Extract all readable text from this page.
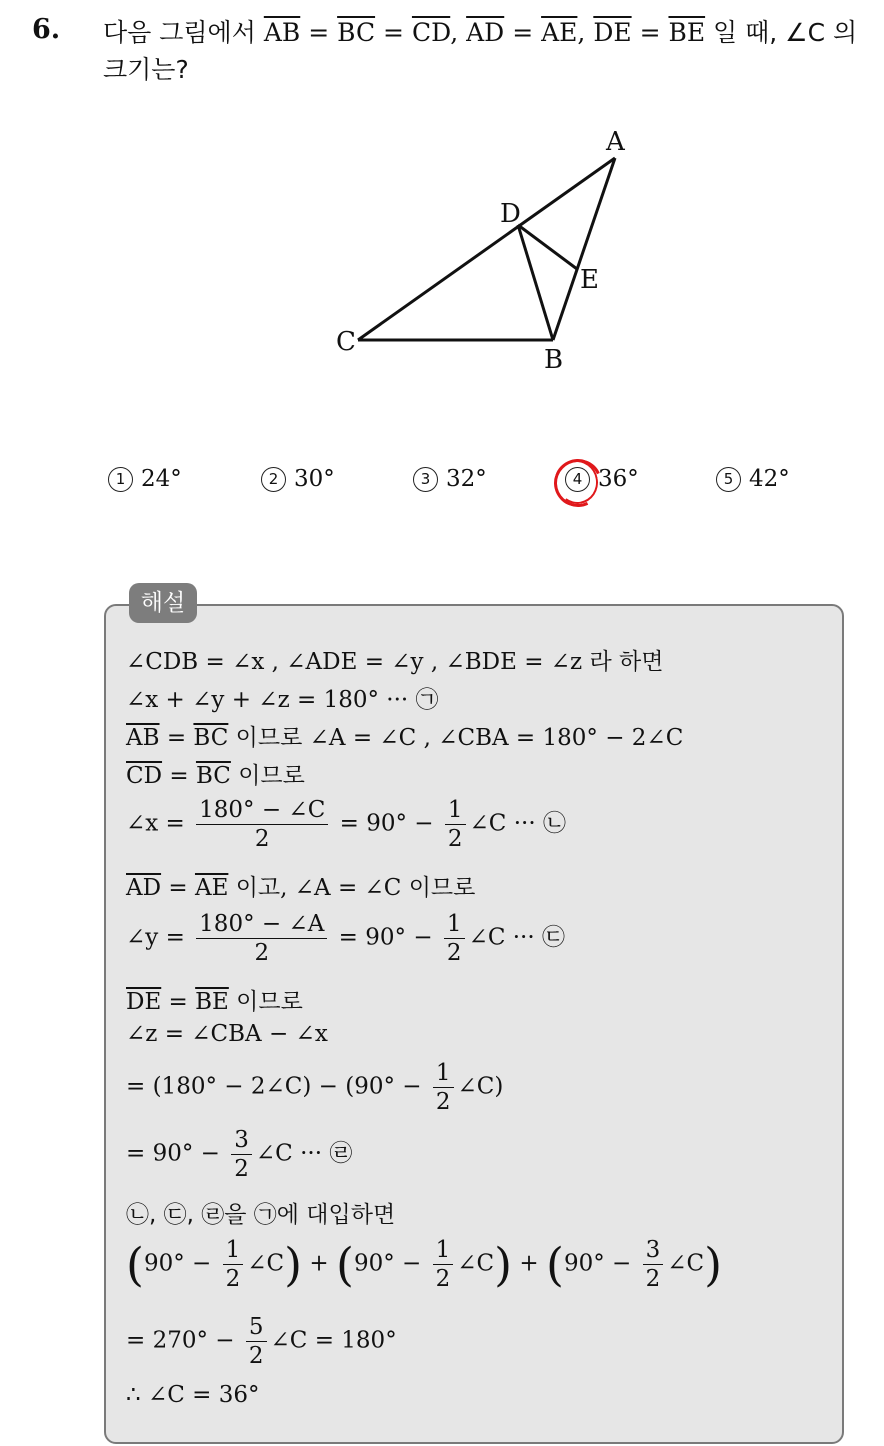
6. 다음 그림에서 $\overline{AB} = \overline{BC} = \overline{CD}$, $\overline{AD} = \overline{AE}$, $\overline{DE} = \overline{BE}$ 일 때, ∠C 의
크기는?
A
B
C
D
E
1 24°	2 30°	3 32°	4 36°	5 42°
해설
∠CDB = ∠x , ∠ADE = ∠y , ∠BDE = ∠z 라 하면
∠x + ∠y + ∠z = 180° ··· ㉠
$\overline{AB} = \overline{BC}$ 이므로 ∠A = ∠C , ∠CBA = 180° − 2∠C
$\overline{CD} = \overline{BC}$ 이므로
∠x = $\frac{180^\circ - \angle C}{2} = 90^\circ - \frac{1}{2}$ ∠C ··· ㉡
$\overline{AD} = \overline{AE}$ 이고, ∠A = ∠C 이므로
∠y = $\frac{180^\circ - \angle A}{2} = 90^\circ - \frac{1}{2}$ ∠C ··· ㉢
$\overline{DE} = \overline{BE}$ 이므로
∠z = ∠CBA − ∠x
= (180° − 2∠C) − ($90^\circ - \frac{1}{2}$ ∠C)
= $90^\circ - \frac{3}{2}$ ∠C ··· ㉣
㉡, ㉢, ㉣을 ㉠에 대입하면
($90^\circ - \frac{1}{2}$ ∠C) + ($90^\circ - \frac{1}{2}$ ∠C) + ($90^\circ - \frac{3}{2}$ ∠C)
= $270^\circ - \frac{5}{2}$ ∠C = 180°
∴ ∠C = 36°
